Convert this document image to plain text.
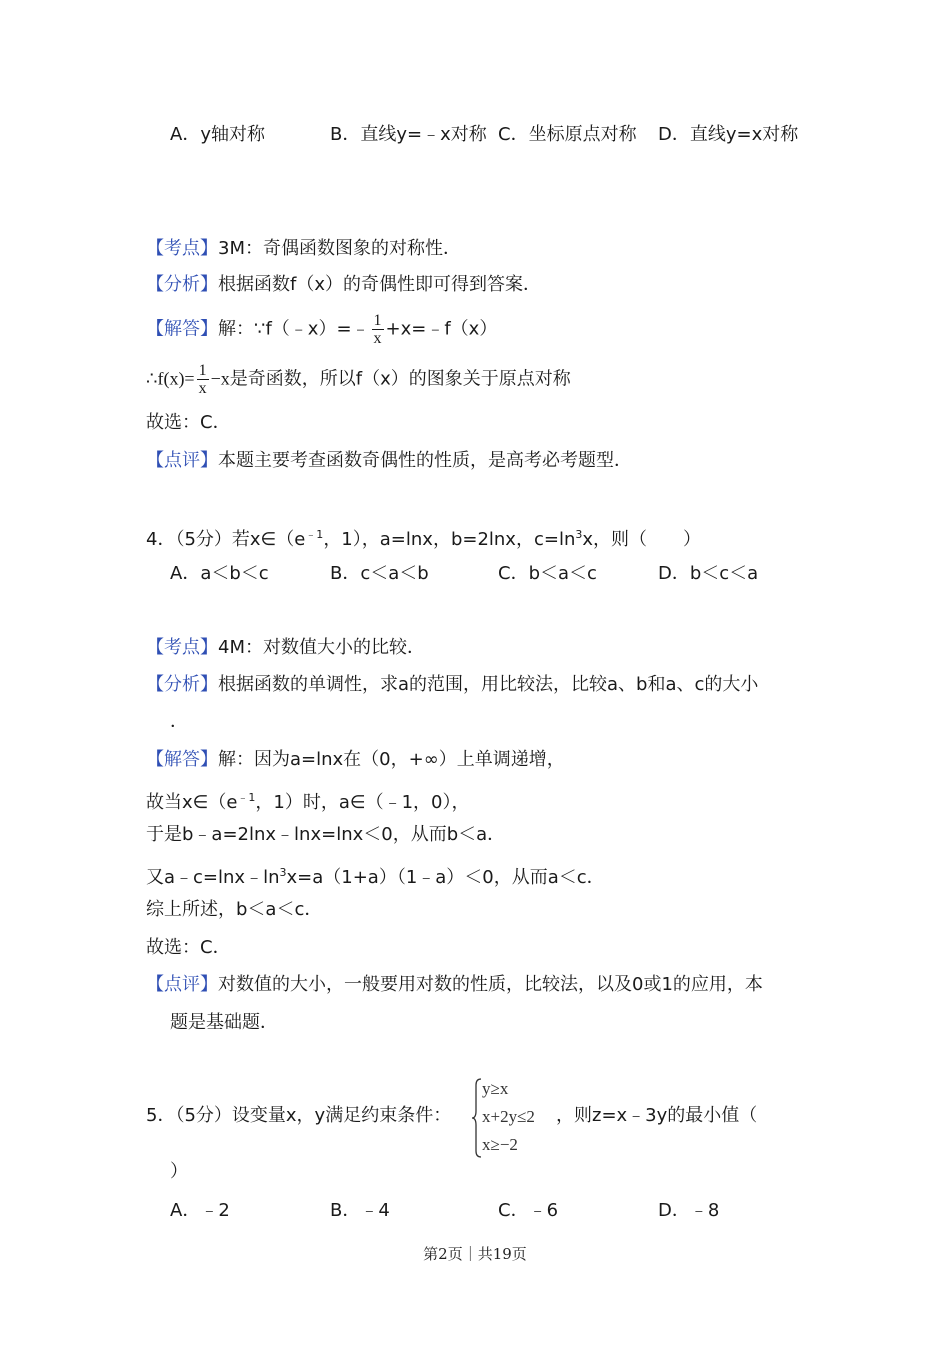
A．y轴对称	B．直线y=﹣x对称 C．坐标原点对称 D．直线y=x对称
【考点】3M：奇偶函数图象的对称性．
【分析】根据函数f（x）的奇偶性即可得到答案．
【解答】解：∵f（﹣x）=﹣ $\frac{1}{x}$ +x=﹣f（x）
∴f(x)= $\frac{1}{x} -x$是奇函数，所以f（x）的图象关于原点对称
故选：C．
【点评】本题主要考查函数奇偶性的性质，是高考必考题型．
4．（5分）若$x\in(e^{﹣1}$，1），a=lnx，b=2lnx，$c=\ln^3x$，则（　　）
A．a＜b＜c	B．c＜a＜b	C．b＜a＜c	D．b＜c＜a
【考点】4M：对数值大小的比较．
【分析】根据函数的单调性，求a的范围，用比较法，比较a、b和a、c的大小
．
【解答】解：因为a=lnx在（0，+∞）上单调递增，
故当$x\in(e^{﹣1}$，1）时，a∈（﹣1，0），
于是b﹣a=2lnx﹣lnx=lnx＜0，从而b＜a．
又$a﹣c=\ln x﹣\ln^3x=a(1+a)(1﹣a)<0$，从而a＜c．
综上所述，b＜a＜c．
故选：C．
【点评】对数值的大小，一般要用对数的性质，比较法，以及0或1的应用，本
题是基础题．
5．（5分）设变量x，y满足约束条件：
y≥x
x+2y≤2
x≥−2
，则z=x﹣3y的最小值（
）
A．﹣2	B．﹣4	C．﹣6	D．﹣8
第2页｜共19页
